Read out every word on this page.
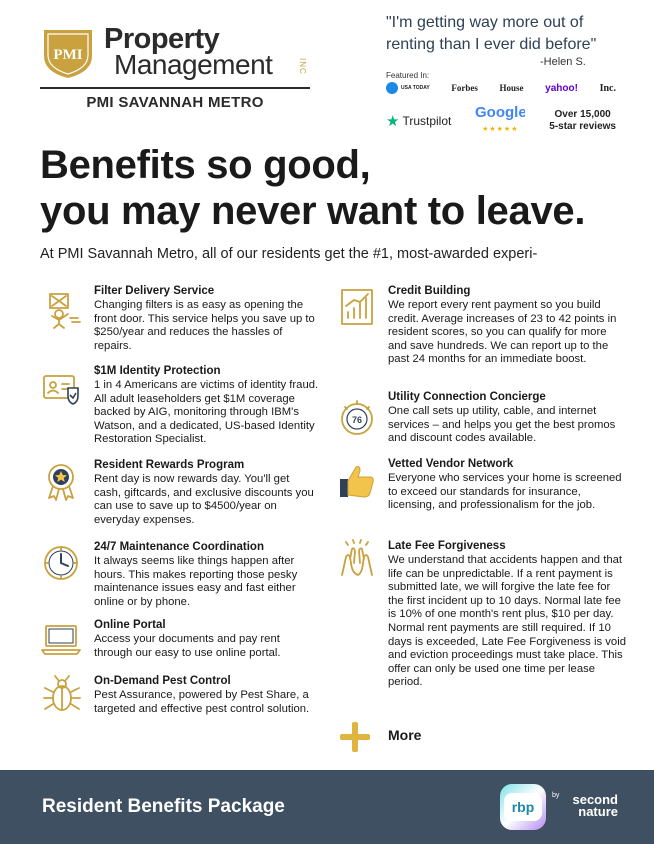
PMI Property
Management	INC
PMI SAVANNAH METRO
"I'm getting way more out of renting than I ever did before"
-Helen S.
Featured In:
USA TODAY Forbes House yahoo! Inc.
★ Trustpilot Google
★★★★★
Over 15,000
5-star reviews
Benefits so good,
you may never want to leave.
At PMI Savannah Metro, all of our residents get the #1, most-awarded experi-
Filter Delivery Service
Changing filters is as easy as opening the front door. This service helps you save up to $250/year and reduces the hassles of repairs.
$1M Identity Protection
1 in 4 Americans are victims of identity fraud. All adult leaseholders get $1M coverage backed by AIG, monitoring through IBM's Watson, and a dedicated, US-based Identity Restoration Specialist.
Resident Rewards Program
Rent day is now rewards day. You'll get cash, giftcards, and exclusive discounts you can use to save up to $4500/year on everyday expenses.
24/7 Maintenance Coordination
It always seems like things happen after hours. This makes reporting those pesky maintenance issues easy and fast either online or by phone.
Online Portal
Access your documents and pay rent through our easy to use online portal.
On-Demand Pest Control
Pest Assurance, powered by Pest Share, a targeted and effective pest control solution.
Credit Building
We report every rent payment so you build credit. Average increases of 23 to 42 points in resident scores, so you can qualify for more and save hundreds. We can report up to the past 24 months for an immediate boost.
76
Utility Connection Concierge
One call sets up utility, cable, and internet services – and helps you get the best promos and discount codes available.
Vetted Vendor Network
Everyone who services your home is screened to exceed our standards for insurance, licensing, and professionalism for the job.
Late Fee Forgiveness
We understand that accidents happen and that life can be unpredictable. If a rent payment is submitted late, we will forgive the late fee for the first incident up to 10 days. Normal late fee is 10% of one month's rent plus, $10 per day. Normal rent payments are still required. If 10 days is exceeded, Late Fee Forgiveness is void and eviction proceedings must take place. This offer can only be used one time per lease period.
More
Resident Benefits Package	rbp
by	second nature
